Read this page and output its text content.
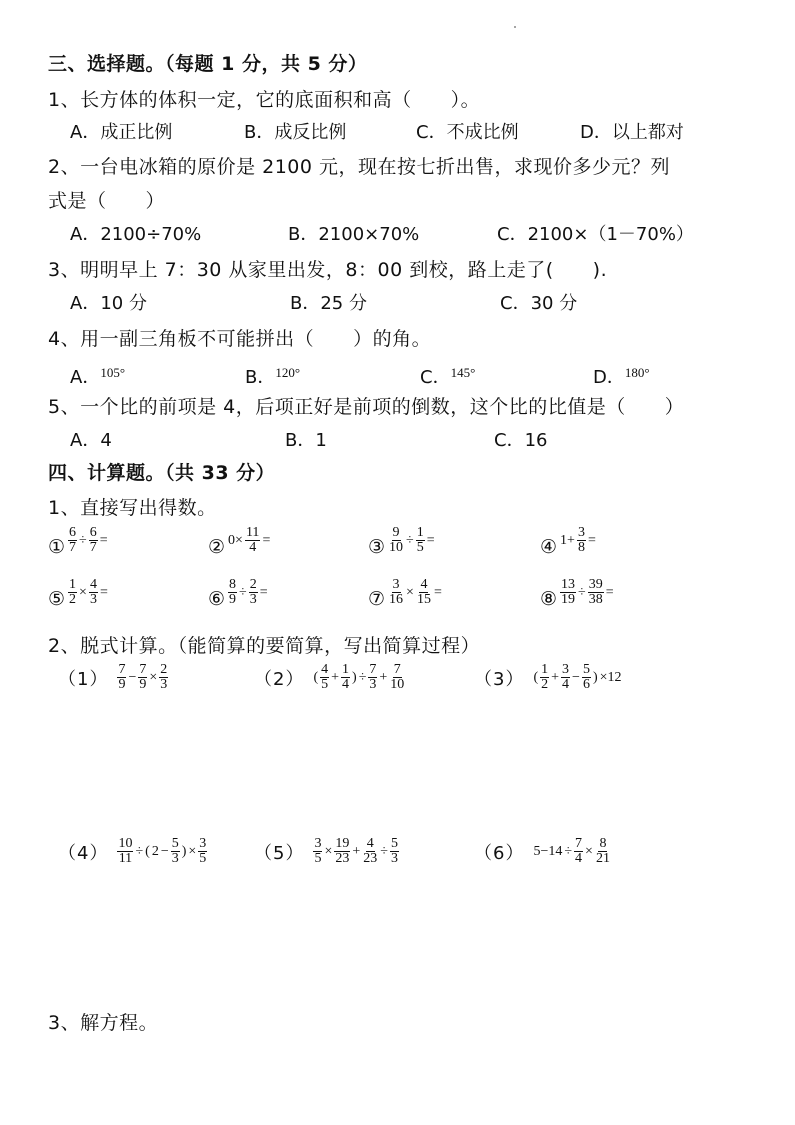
三、选择题。（每题 1 分，共 5 分）
1、长方体的体积一定，它的底面积和高（　　）。
A．成正比例	B．成反比例	C．不成比例	D．以上都对
2、一台电冰箱的原价是 2100 元，现在按七折出售，求现价多少元？列
式是（　　）
A．2100÷70%	B．2100×70%	C．2100×（1－70%）
3、明明早上 7：30 从家里出发，8：00 到校，路上走了(　　).
A．10 分	B．25 分	C．30 分
4、用一副三角板不可能拼出（　　）的角。
A．$^{105^\circ}$	B．$^{120^\circ}$	C．$^{145^\circ}$	D．$^{180^\circ}$
5、一个比的前项是 4，后项正好是前项的倒数，这个比的比值是（　　）
A．4	B．1	C．16
四、计算题。（共 33 分）
1、直接写出得数。
① $\frac{6}{7} \div \frac{6}{7}$ =	② $0\times \frac{11}{4}$ =	③ $\frac{9}{10} \div \frac{1}{5}$ =	④ $1+ \frac{3}{8}$ =
⑤ $\frac{1}{2} \times \frac{4}{3}$ =	⑥ $\frac{8}{9} \div \frac{2}{3}$ =	⑦ $\frac{3}{16} \times \frac{4}{15}$ =	⑧ $\frac{13}{19} \div \frac{39}{38}$ =
2、脱式计算。（能简算的要简算，写出简算过程）
$(1) \frac{7}{9} - \frac{7}{9} \times \frac{2}{3}$	（2） ( $\frac{4}{5} + \frac{1}{4}$ ) ÷ $\frac{7}{3} + \frac{7}{10}$	（3） ( $\frac{1}{2} + \frac{3}{4} - \frac{5}{6}$ ) ×12
$(4) \frac{10}{11}$ ÷ ( $2 - \frac{5}{3}$ ) × $\frac{3}{5}$	$(5) \frac{3}{5} \times \frac{19}{23} + \frac{4}{23} \div \frac{5}{3}$	（6） $5-14 \div \frac{7}{4} \times \frac{8}{21}$
3、解方程。
